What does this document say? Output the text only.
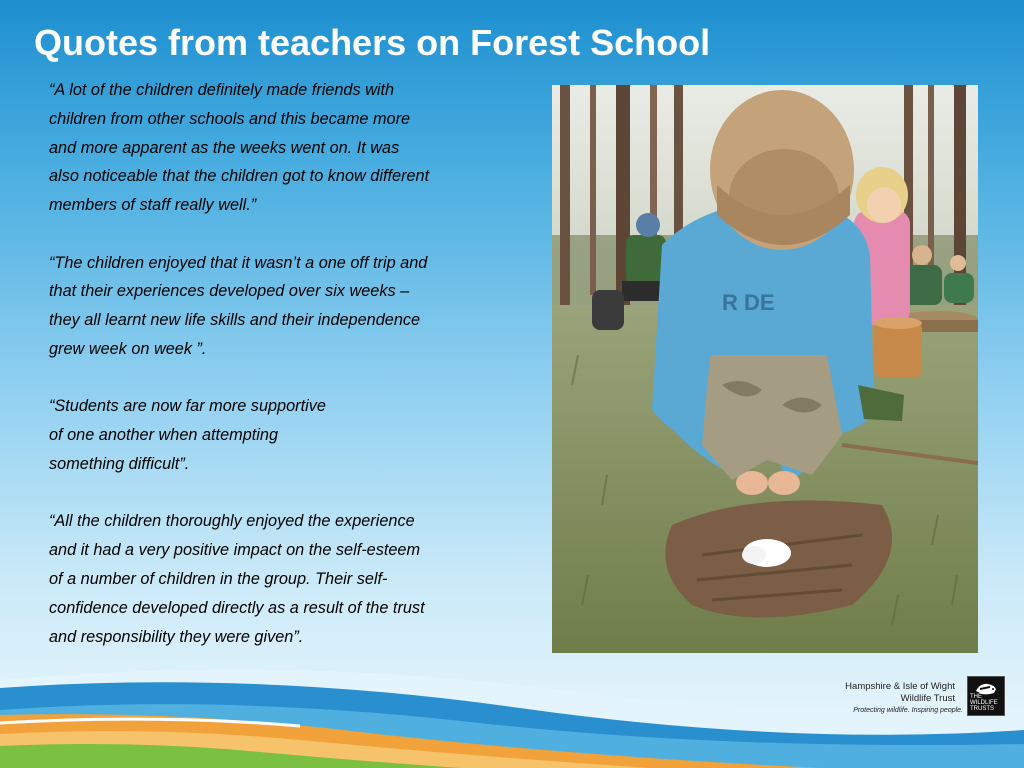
Quotes from teachers on Forest School

“A lot of the children definitely made friends with
children from other schools and this became more
and more apparent as the weeks went on. It was
also noticeable that the children got to know different
members of staff really well.”

“The children enjoyed that it wasn’t a one off trip and
that their experiences developed over six weeks –
they all learnt new life skills and their independence
grew week on week ”.

“Students are now far more supportive
of one another when attempting
something difficult”.

“All the children thoroughly enjoyed the experience
and it had a very positive impact on the self-esteem
of a number of children in the group. Their self-
confidence developed directly as a result of the trust
and responsibility they were given”.

R DE
Hampshire & Isle of Wight
Wildlife Trust
Protecting wildlife. Inspiring people.
THE WILDLIFE TRUSTS
